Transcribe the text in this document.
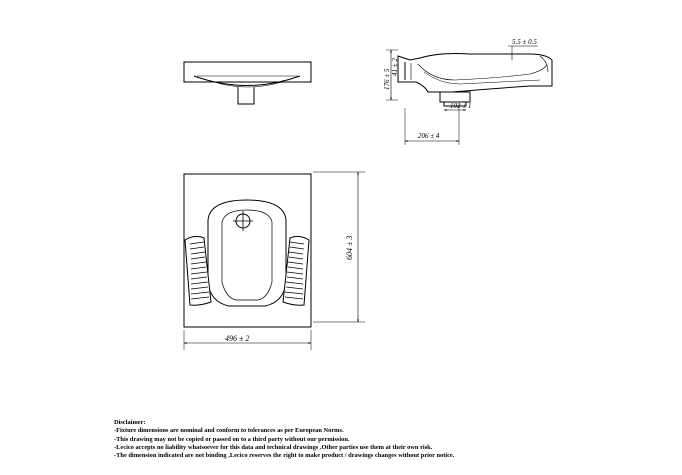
496 ± 2
604 ± 3
176 ± 5 41 ± 2
206 ± 4
102 ± 1
5.5 ± 0.5
Disclaimer:
-Fixture dimensions are nominal and conform to tolerances as per European Norms.
-This drawing may not be copied or passed on to a third party without our permission.
-Lecico accepts no liability whatsoever for this data and technical drawings .Other parties use them at their own risk.
-The dimension indicated are not binding ,Lecico reserves the right to make product / drawings changes without prior notice.
